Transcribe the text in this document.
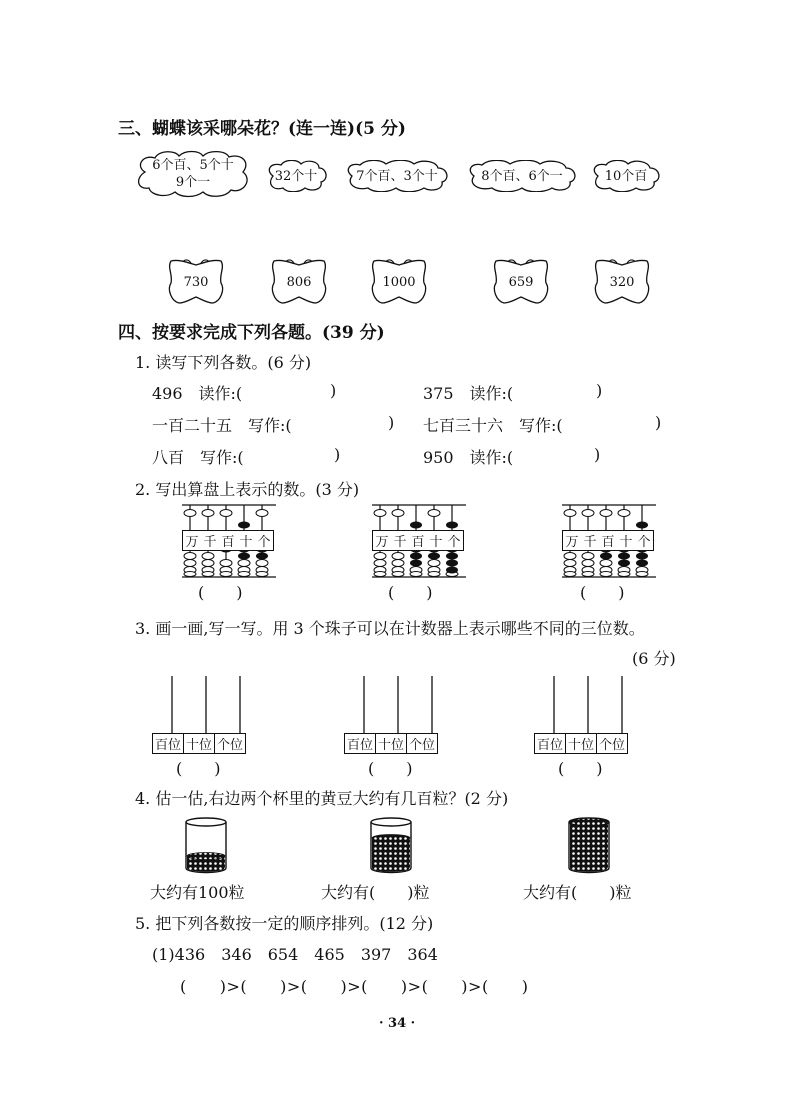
三、蝴蝶该采哪朵花？(连一连)(5 分)
6个百、5个十
9个一	32个十	7个百、3个十	8个百、6个一	10个百
730	806	1000	659	320
四、按要求完成下列各题。(39 分)
1. 读写下列各数。(6 分)
496　读作:(	)	375　读作:(	)
一百二十五　写作:(	) 七百三十六　写作:(	)
八百　写作:(	)	950　读作:(	)
2. 写出算盘上表示的数。(3 分)
万 千 百 十 个
(　　)
万 千 百 十 个
(　　)
万 千 百 十 个
(　　)
3. 画一画,写一写。用 3 个珠子可以在计数器上表示哪些不同的三位数。
(6 分)
百位 十位 个位
(　　)
百位 十位 个位
(　　)
百位 十位 个位
(　　)
4. 估一估,右边两个杯里的黄豆大约有几百粒？(2 分)
大约有100粒	大约有(　　)粒	大约有(　　)粒
5. 把下列各数按一定的顺序排列。(12 分)
(1)436　346　654　465　397　364
(　　)>(　　)>(　　)>(　　)>(　　)>(　　)
· 34 ·
